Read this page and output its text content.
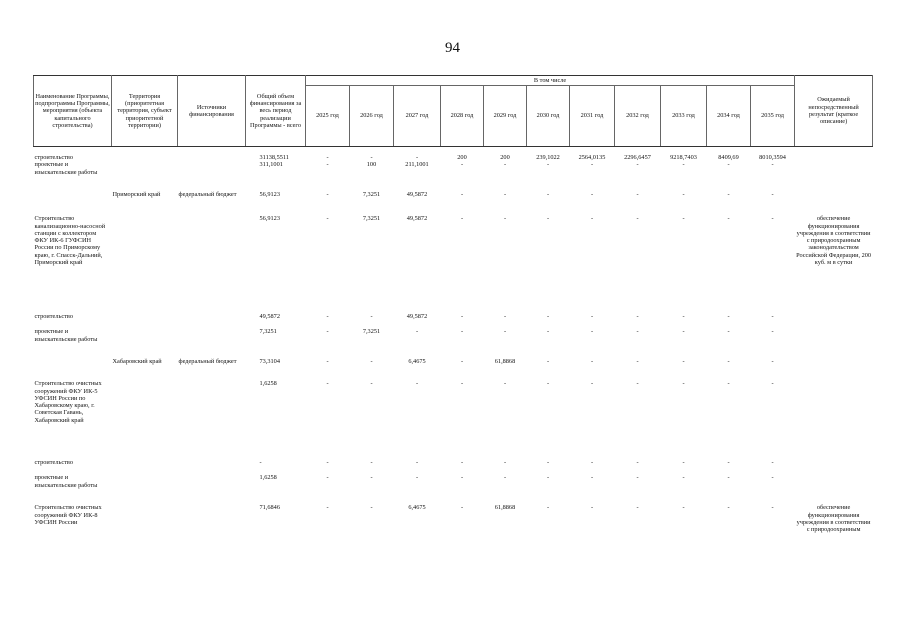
94
Наименование Программы, подпрограммы Программы, мероприятия (объекта капитального строительства)	Территория (приоритетная территория, субъект приоритетной территории)	Источники финансирования	Общий объем финансирования за весь период реализации Программы - всего	В том числе											Ожидаемый непосредственный результат (краткое описание)
				2025 год	2026 год	2027 год	2028 год	2029 год	2030 год	2031 год	2032 год	2033 год	2034 год	2035 год	
строительство			31138,5511	-	-	-	200	200	239,1022	2564,0135	2296,6457	9218,7403	8409,69	8010,3594	
проектные и изыскательские работы			311,1001	-	100	211,1001	-	-	-	-	-	-	-	-	
	Приморский край	федеральный бюджет	56,9123	-	7,3251	49,5872	-	-	-	-	-	-	-	-	
Строительство канализационно-насосной станции с коллектором ФКУ ИК-6 ГУФСИН России по Приморскому краю, г. Спасск-Дальний, Приморский край			56,9123	-	7,3251	49,5872	-	-	-	-	-	-	-	-	обеспечение функционирования учреждения в соответствии с природоохранным законодательством Российской Федерации, 200 куб. м в сутки
строительство			49,5872	-	-	49,5872	-	-	-	-	-	-	-	-	
проектные и изыскательские работы			7,3251	-	7,3251	-	-	-	-	-	-	-	-	-	
	Хабаровский край	федеральный бюджет	73,3104	-	-	6,4675	-	61,8868	-	-	-	-	-	-	
Строительство очистных сооружений ФКУ ИК-5 УФСИН России по Хабаровскому краю, г. Советская Гавань, Хабаровский край			1,6258	-	-	-	-	-	-	-	-	-	-	-	
строительство			-	-	-	-	-	-	-	-	-	-	-	-	
проектные и изыскательские работы			1,6258	-	-	-	-	-	-	-	-	-	-	-	
Строительство очистных сооружений ФКУ ИК-8 УФСИН России			71,6846	-	-	6,4675	-	61,8868	-	-	-	-	-	-	обеспечение функционирования учреждения в соответствии с природоохранным
